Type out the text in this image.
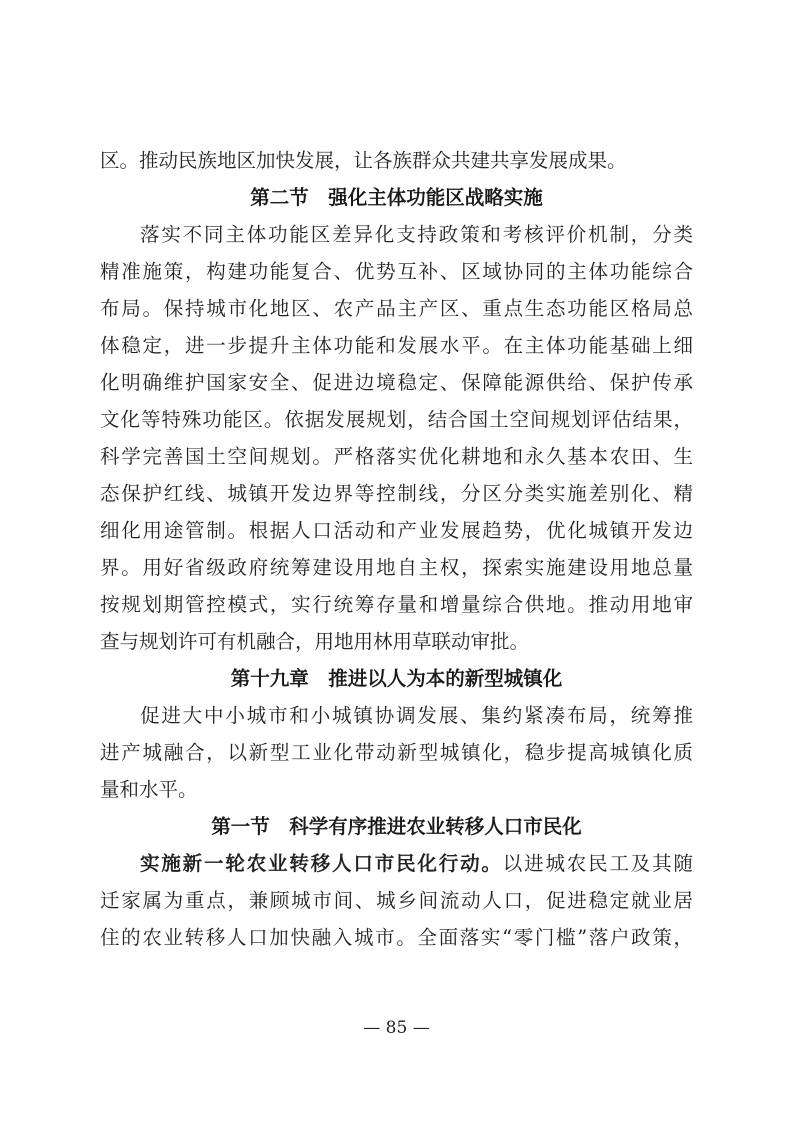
区。推动民族地区加快发展，让各族群众共建共享发展成果。
第二节　强化主体功能区战略实施
落实不同主体功能区差异化支持政策和考核评价机制，分类
精准施策，构建功能复合、优势互补、区域协同的主体功能综合
布局。保持城市化地区、农产品主产区、重点生态功能区格局总
体稳定，进一步提升主体功能和发展水平。在主体功能基础上细
化明确维护国家安全、促进边境稳定、保障能源供给、保护传承
文化等特殊功能区。依据发展规划，结合国土空间规划评估结果，
科学完善国土空间规划。严格落实优化耕地和永久基本农田、生
态保护红线、城镇开发边界等控制线，分区分类实施差别化、精
细化用途管制。根据人口活动和产业发展趋势，优化城镇开发边
界。用好省级政府统筹建设用地自主权，探索实施建设用地总量
按规划期管控模式，实行统筹存量和增量综合供地。推动用地审
查与规划许可有机融合，用地用林用草联动审批。
第十九章　推进以人为本的新型城镇化
促进大中小城市和小城镇协调发展、集约紧凑布局，统筹推
进产城融合，以新型工业化带动新型城镇化，稳步提高城镇化质
量和水平。
第一节　科学有序推进农业转移人口市民化
实施新一轮农业转移人口市民化行动。以进城农民工及其随
迁家属为重点，兼顾城市间、城乡间流动人口，促进稳定就业居
住的农业转移人口加快融入城市。全面落实“零门槛”落户政策，
— 85 —
